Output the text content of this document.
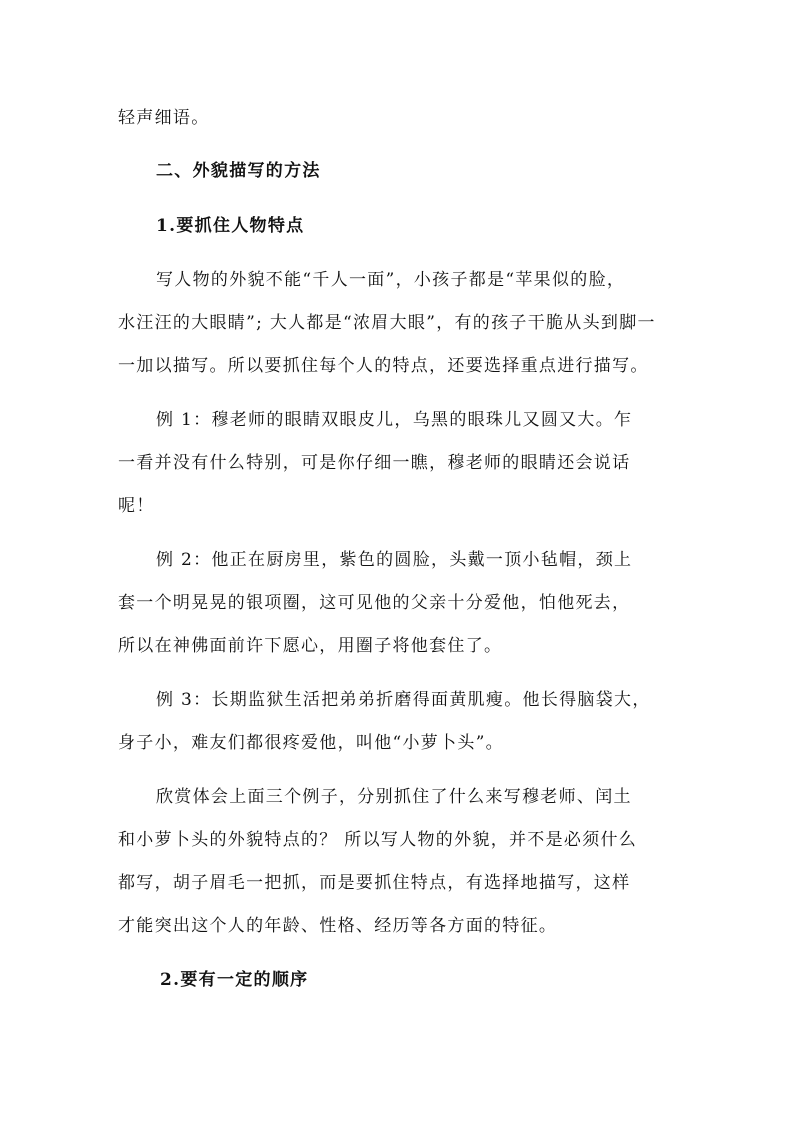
轻声细语。
二、外貌描写的方法
1.要抓住人物特点
写人物的外貌不能“千人一面”，小孩子都是“苹果似的脸，
水汪汪的大眼睛”; 大人都是“浓眉大眼”，有的孩子干脆从头到脚一
一加以描写。所以要抓住每个人的特点，还要选择重点进行描写。
例 1：穆老师的眼睛双眼皮儿，乌黑的眼珠儿又圆又大。乍
一看并没有什么特别，可是你仔细一瞧，穆老师的眼睛还会说话
呢！
例 2：他正在厨房里，紫色的圆脸，头戴一顶小毡帽，颈上
套一个明晃晃的银项圈，这可见他的父亲十分爱他，怕他死去，
所以在神佛面前许下愿心，用圈子将他套住了。
例 3：长期监狱生活把弟弟折磨得面黄肌瘦。他长得脑袋大，
身子小，难友们都很疼爱他，叫他“小萝卜头”。
欣赏体会上面三个例子，分别抓住了什么来写穆老师、闰土
和小萝卜头的外貌特点的？ 所以写人物的外貌，并不是必须什么
都写，胡子眉毛一把抓，而是要抓住特点，有选择地描写，这样
才能突出这个人的年龄、性格、经历等各方面的特征。
2.要有一定的顺序
